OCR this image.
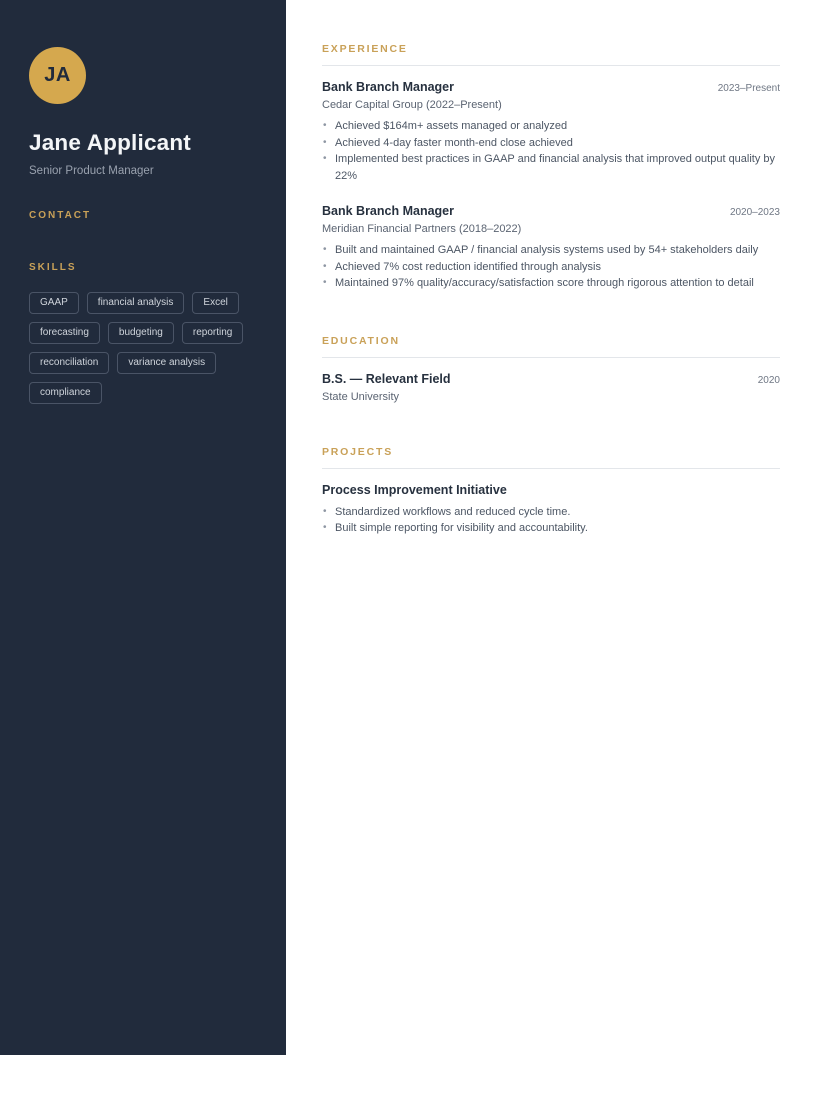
JA
Jane Applicant
Senior Product Manager
CONTACT
SKILLS
GAAP	financial analysis	Excel
forecasting	budgeting	reporting
reconciliation	variance analysis
compliance
EXPERIENCE
Bank Branch Manager	2023–Present
Cedar Capital Group (2022–Present)
• Achieved $164m+ assets managed or analyzed
• Achieved 4-day faster month-end close achieved
• Implemented best practices in GAAP and financial analysis that improved output quality by 22%
Bank Branch Manager	2020–2023
Meridian Financial Partners (2018–2022)
• Built and maintained GAAP / financial analysis systems used by 54+ stakeholders daily
• Achieved 7% cost reduction identified through analysis
• Maintained 97% quality/accuracy/satisfaction score through rigorous attention to detail
EDUCATION
B.S. — Relevant Field	2020
State University
PROJECTS
Process Improvement Initiative
• Standardized workflows and reduced cycle time.
• Built simple reporting for visibility and accountability.
